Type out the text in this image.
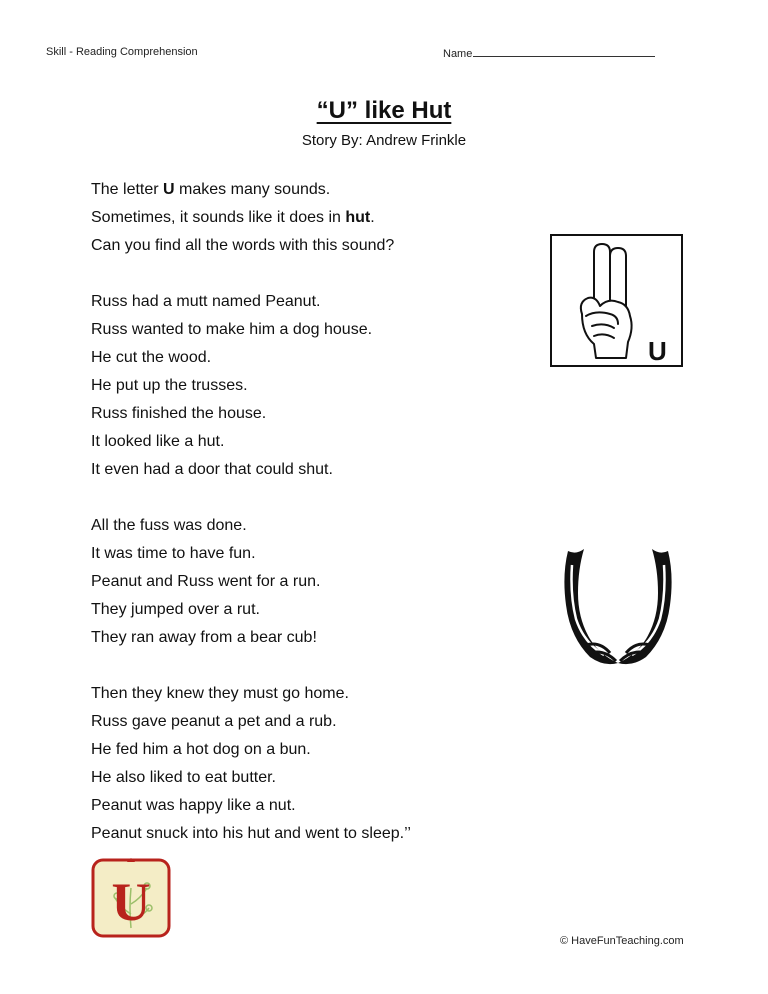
Skill - Reading Comprehension	Name
“U” like Hut
Story By: Andrew Frinkle
The letter U makes many sounds.
Sometimes, it sounds like it does in hut.
Can you find all the words with this sound?
Russ had a mutt named Peanut.
Russ wanted to make him a dog house.
He cut the wood.
He put up the trusses.
Russ finished the house.
It looked like a hut.
It even had a door that could shut.
All the fuss was done.
It was time to have fun.
Peanut and Russ went for a run.
They jumped over a rut.
They ran away from a bear cub!
Then they knew they must go home.
Russ gave peanut a pet and a rub.
He fed him a hot dog on a bun.
He also liked to eat butter.
Peanut was happy like a nut.
Peanut snuck into his hut and went to sleep.’’
U
U
© HaveFunTeaching.com
